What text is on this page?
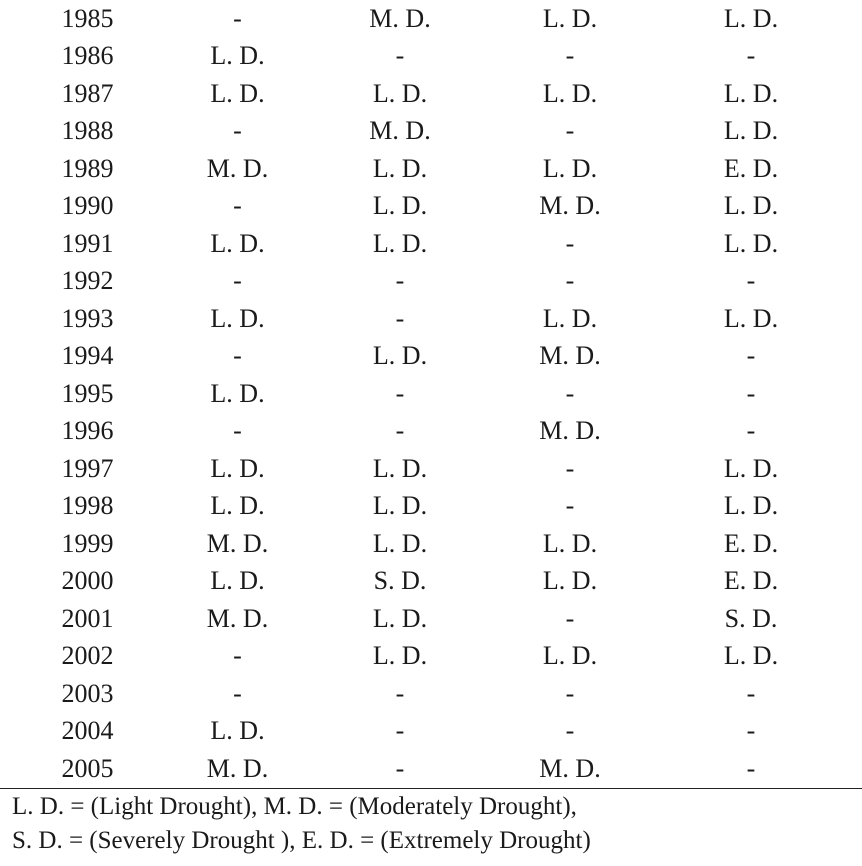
1985	-	M. D.	L. D.	L. D.
1986	L. D.	-	-	-
1987	L. D.	L. D.	L. D.	L. D.
1988	-	M. D.	-	L. D.
1989	M. D.	L. D.	L. D.	E. D.
1990	-	L. D.	M. D.	L. D.
1991	L. D.	L. D.	-	L. D.
1992	-	-	-	-
1993	L. D.	-	L. D.	L. D.
1994	-	L. D.	M. D.	-
1995	L. D.	-	-	-
1996	-	-	M. D.	-
1997	L. D.	L. D.	-	L. D.
1998	L. D.	L. D.	-	L. D.
1999	M. D.	L. D.	L. D.	E. D.
2000	L. D.	S. D.	L. D.	E. D.
2001	M. D.	L. D.	-	S. D.
2002	-	L. D.	L. D.	L. D.
2003	-	-	-	-
2004	L. D.	-	-	-
2005	M. D.	-	M. D.	-
L. D. = (Light Drought), M. D. = (Moderately Drought),
S. D. = (Severely Drought ), E. D. = (Extremely Drought)
